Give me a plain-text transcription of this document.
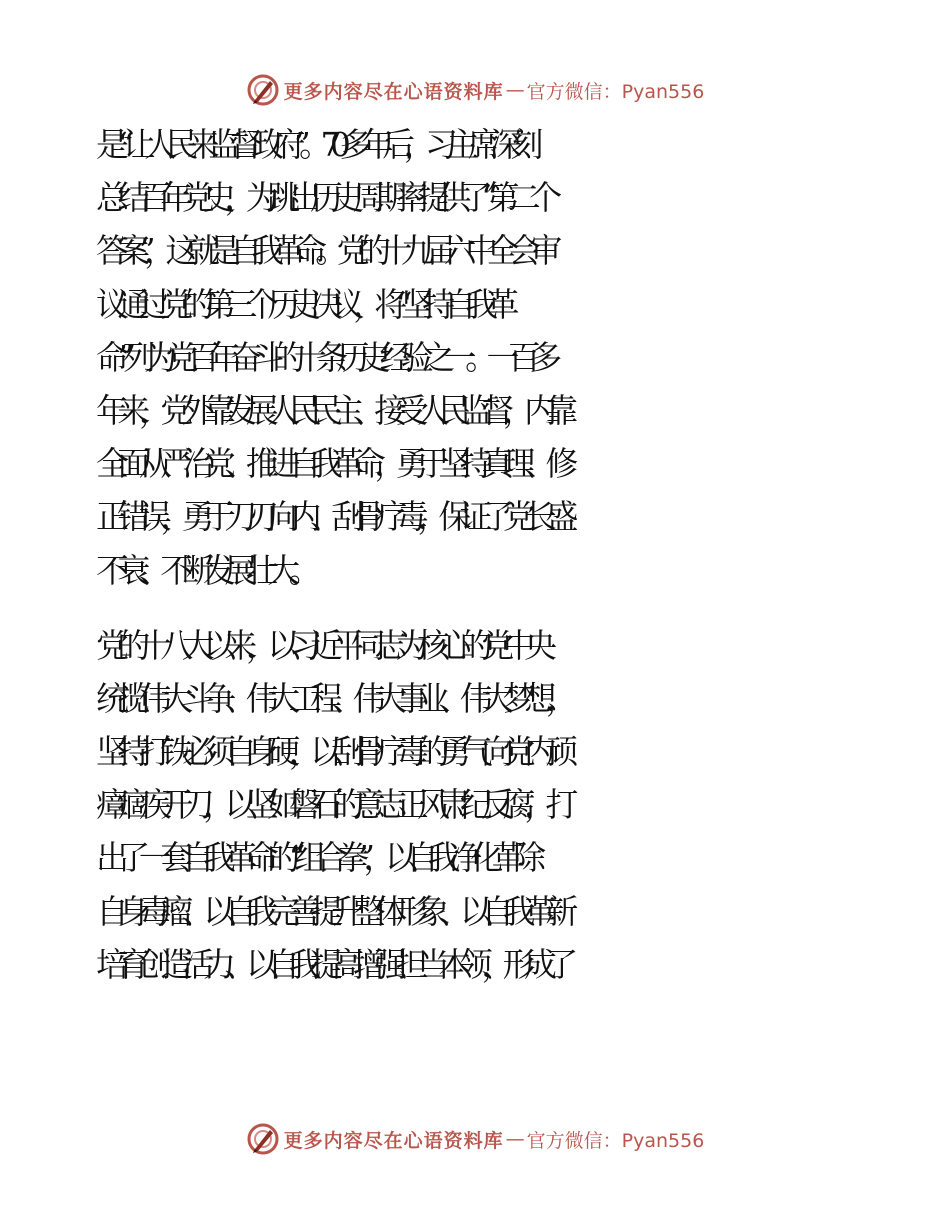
更多内容尽在心语资料库 — 官方微信：Pyan556
是“让人民来监督政府”。70多年后，习主席深刻
总结百年党史，为跳出历史周期率提供了“第二个
答案”，这就是自我革命。党的十九届六中全会审
议通过党的第三个历史决议，将“坚持自我革
命”列为党百年奋斗的十条历史经验之一。一百多
年来，党外靠发展人民民主、接受人民监督，内靠
全面从严治党、推进自我革命，勇于坚持真理、修
正错误，勇于刀刃向内、刮骨疗毒，保证了党长盛
不衰、不断发展壮大。
党的十八大以来，以习近平同志为核心的党中央
统揽伟大斗争、伟大工程、伟大事业、伟大梦想，
坚持打铁必须自身硬，以刮骨疗毒的勇气向党内顽
瘴痼疾开刀，以坚如磐石的意志正风肃纪反腐，打
出了一套自我革命的“组合拳”，以自我净化革除
自身毒瘤、以自我完善提升整体形象、以自我革新
培育创造活力、以自我提高增强担当本领，形成了
更多内容尽在心语资料库 — 官方微信：Pyan556
